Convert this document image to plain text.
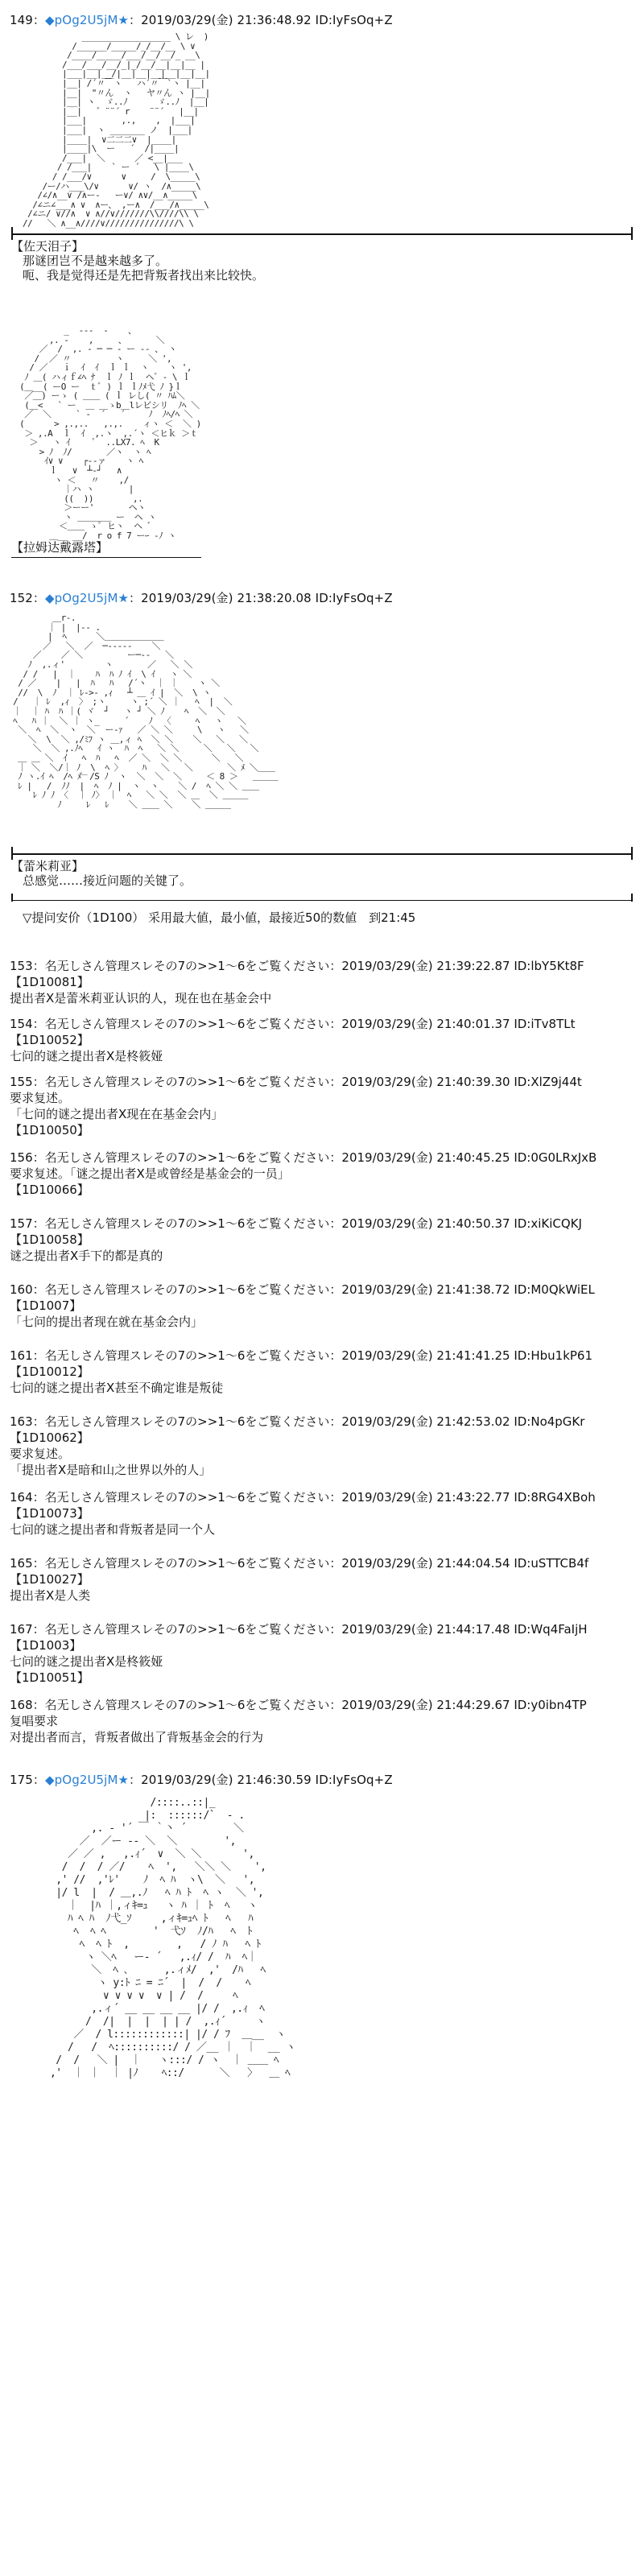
149：◆pOg2U5jM★：2019/03/29(金) 21:36:48.92 ID:IyFsOq+Z
__________________ \ レ  )
/______/_____/_/__/__ \ ∨
/____/_____/___/__/__/_ __\
/___/___/__/_|_/__/__|__|__ |
|___|__|__/|__|__|__|__|__|__|
|__| /´〃￣ヽ   ハ´〃￣`ヽ |__|
|__|  "〃ん  ヽ   ヤ〃ん ヽ |__|
|__| ヽ  ゞ..ﾉ      ゞ..ﾉ  |__|
|__|   ゛¨¨´ r    ¨¨´   |__|
|___|       ,.,    ,  |___|
|___|  ヽ _______ ノ  |___|
|____|  ∨二二二∨  |____|
|____|\  ー   ´  /|____|
/___|  ＼      ／ <__|___
/ /___|    ` ー ´   \ |____\
/ /___/∨      ∨     /  \_____\
/ー/ハ___\/∨      ∨/ ヽ  /∧_____\
/∠/∧__∨ /∧ー-   ー∨/ ∧∨/__∧_____\
/∠ニ∠___∧ ∨  ∧ー、 ,ー∧  /___/∧_____\
/∠ニ/ ∨//∧  ∨ ∧//∨///////\\////\\ \
//   ＼ ∧__∧////∨///////////////\ \
【佐天泪子】
那谜团岂不是越来越多了。
呃、我是觉得还是先把背叛者找出来比较快。
_  ---  ‐    、
,. ‐    ,     、      ＼
／  /  ,. ‐ ─ ─ ‐ ー -- 、 ヽ
/  ／ 〃         ヽ     ＼ ',
/ ／   ｉ  ｲ  ｲ  ｌ ｌ  ヽ    ヽ ',
ﾉ ＿( ハィｆ∠ﾍ ﾅ  ｌ ﾉ ｌ  ヘ゛- \ ｌ
(＿__( ーO ー  ｔﾞ ) ｌ ｌﾉﾒ弋 ﾉ }ｌ
／＿) ーゝ ( ＿＿ ( ｌ レし( 〃 ﾊﾑ＼
(＿<   ` ー  ＿ ＿ゝb＿lレビシリ  ﾉﾍ ＼
／  ＼     ` -  ´   ´ 　  ﾉ  ﾉﾍ/ﾍ ＼
(      > ,.,..   ,.,.    ィヽ ＜  ＼ )
＞ ,.A  ｌ  ｲ  ,.ヽ  ,.´ヽ ＜ヒｋ ＞ｔ
＞   ヽ ｲ     ﾟ  ..LX7. ﾍ  K
> ﾉ  ﾉ/       ／ヽ  ヽ ﾍ
ｲ∨ ∨    ┌-‐ァ    ヽ ﾍ
ｌ   ∨  ┴‐┘   ∧
ヽ ＜   〃    ,/
｜ハ ヽ       |
((  ))        ,.
＞ーー'       ヘヽ
ヽ ＿＿＿＿ ー  ヘ ヽ
＜＿＿ ゝﾟ ヒヽ  ヘ ゛
＿__ __/  r o f 7 ーｰ -ﾉ ヽ
【拉姆达戴露塔】
152：◆pOg2U5jM★：2019/03/29(金) 21:38:20.08 ID:IyFsOq+Z
＿r‐.
｜ |  |-‐ .
|  ﾍ      ＼＿＿＿＿＿＿＿
／   ＼  ／  ─‐‐‐‐‐    ＼
／    ／ ＼         ー─‐‐   ＼
ﾉ  ,.ィ'        ヽ       ／   ＼ ＼
/ /   |  ｜    ﾊ  ﾊ ﾉ ｲ  \ ｲ   ヽ ＼
/ ／    |   |  ﾊ   ﾊ   /´ヽ  ｜ ｜    ヽ ＼
//  \  ﾉ  ｜ ﾚ->- ,ｨ   ┴ ＿ ｲ |  ＼  \ ヽ
/   ｜ ﾚ  ,ｨ  〉 ;ヽ     ヽ ;´ ＼ ｜   ﾍ  |  ＼
｜  ｜ ﾊ  ﾊ ｜( ヾ  ┘   ヽ ┘ ＼ ﾉ    ﾍ  ＼  ＼
ﾍ   ﾊ ｜  ＼ ｜ ヽ_     ´    ﾉ  〈     ﾍ   ヽ   ＼
＼  ﾍ  ＼  ヽ  ＼  ー‐ｧ   ／ ＼ ＼     \   ヽ   ＼
＼  \  ＼ ,/ﾐﾌ ヽ ＿,ィ ﾍ  ＼ ＼    ＼   ＼   ＼
＼  ＼ ,.ﾉﾍ   ｲ ヽ  ﾊ  ﾍ   ＼ ＼     ＼   ＼   ＼
＿ ＿ ＼  ｲ   ﾍ  ﾊ   ﾍ  ／ ＼  ＼ ＼      ＼   ＼
｜ ＼  ＼/｜ ﾉ  \  ﾍ 〉    ﾊ   ＼   ＼       ＼ ﾒ ＼＿＿
ﾉ ヽ.ｲ ﾍ  /ﾍ ﾒ﹂/S ﾉ  ヽ  ＼  ＼  ＼     ＜ 8 ＞   ＿＿＿
ﾚ |   /  ﾉﾉ  |  ﾍ  ﾉ |  ヽ  ヽ    ＼ /  ﾍ ＼ ＼ ＿＿
ﾚ ﾉ ﾉ 〈  ｜ ﾉ〉 ｜  ﾍ   ＼ ＼  ＼ ＿  ＼ ＿＿＿
ﾉ     ﾚ   ﾚ    ＼ ＿＿ ＼    ＼ ＿＿＿
【蕾米莉亚】
总感觉……接近问题的关键了。
▽提问安价（1D100） 采用最大値，最小値，最接近50的数値　到21:45
153：名无しさん管理スレその7の>>1〜6をご覧ください：2019/03/29(金) 21:39:22.87 ID:lbY5Kt8F
【1D10081】
提出者X是蕾米莉亚认识的人，现在也在基金会中
154：名无しさん管理スレその7の>>1〜6をご覧ください：2019/03/29(金) 21:40:01.37 ID:iTv8TLt
【1D10052】
七问的谜之提出者X是柊筱娅
155：名无しさん管理スレその7の>>1〜6をご覧ください：2019/03/29(金) 21:40:39.30 ID:XlZ9j44t
要求复述。
「七问的谜之提出者X现在在基金会内」
【1D10050】
156：名无しさん管理スレその7の>>1〜6をご覧ください：2019/03/29(金) 21:40:45.25 ID:0G0LRxJxB
要求复述。「谜之提出者X是或曾经是基金会的一员」
【1D10066】
157：名无しさん管理スレその7の>>1〜6をご覧ください：2019/03/29(金) 21:40:50.37 ID:xiKiCQKJ
【1D10058】
谜之提出者X手下的都是真的
160：名无しさん管理スレその7の>>1〜6をご覧ください：2019/03/29(金) 21:41:38.72 ID:M0QkWiEL
【1D1007】
「七问的提出者现在就在基金会内」
161：名无しさん管理スレその7の>>1〜6をご覧ください：2019/03/29(金) 21:41:41.25 ID:Hbu1kP61
【1D10012】
七问的谜之提出者X甚至不确定谁是叛徒
163：名无しさん管理スレその7の>>1〜6をご覧ください：2019/03/29(金) 21:42:53.02 ID:No4pGKr
【1D10062】
要求复述。
「提出者X是暗和山之世界以外的人」
164：名无しさん管理スレその7の>>1〜6をご覧ください：2019/03/29(金) 21:43:22.77 ID:8RG4XBoh
【1D10073】
七问的谜之提出者和背叛者是同一个人
165：名无しさん管理スレその7の>>1〜6をご覧ください：2019/03/29(金) 21:44:04.54 ID:uSTTCB4f
【1D10027】
提出者X是人类
167：名无しさん管理スレその7の>>1〜6をご覧ください：2019/03/29(金) 21:44:17.48 ID:Wq4FaIjH
【1D1003】
七问的谜之提出者X是柊筱娅
【1D10051】
168：名无しさん管理スレその7の>>1〜6をご覧ください：2019/03/29(金) 21:44:29.67 ID:y0ibn4TP
复唱要求
对提出者而言，背叛者做出了背叛基金会的行为
175：◆pOg2U5jM★：2019/03/29(金) 21:46:30.59 ID:IyFsOq+Z
/::::..::|_
|:  ::::::/`  ‐ .
,. ‐ '´ ￣ ｀丶 ´        ＼
／  ／ー ‐‐ ＼  ＼        ',
／ ／ ,   ,.ｨ´  ∨  ＼ ＼       ',
/  /  / ／/    ﾍ  ',   ＼＼ ＼    ',
,' //  ,'ﾚ'    ﾉ  ﾍ ﾊ  ヽ\  ＼   ',
|/ l  |  / ＿,.ﾉ   ﾍ ﾊ ﾄ  ﾍ ヽ  ＼ ',
｜  |ﾊ ｜,ィｷ=ｭ   ヽ ﾊ ｜ ﾄ  ﾍ   ヽ
ﾊ ﾍ ﾊ  ﾉ弋_ｿ     ,ィｷ=ｭﾍ ﾄ   ﾍ   ﾊ
ﾍ  ﾍ ﾍ        '  弋ｿ  ﾉ/ﾊ   ﾍ  ﾄ
ﾍ  ﾍ ﾄ  ,        ,   / ﾉ ﾊ   ﾍ ﾄ
ヽ ＼ﾍ   ー‐ ´   ,.ｨ/ /  ﾊ  ﾍ｜
＼  ﾍ ､      ,.ィﾒ/  ,'  /ﾊ   ﾍ
ヽ y:ﾄ ﾆ = ﾆ´  |  /  /    ﾍ
∨ ∨ ∨ ∨  ∨ | /  /     ﾍ
,.ィ´ __ __ __ __ |/ /  ,.ｨ  ﾍ
/  /|  |  |  | | /  ,.ｨ´     ヽ
／  / l::::::::::::| |/ / ﾌ  ＿__  ヽ
/   /  ﾍ::::::::::/ / ／__ ｜  ｜  __ ヽ
/  /   ＼ |  ｜   ヽ:::/ / ヽ  ｜ ＿＿ ﾍ
,'  ｜ ｜  ｜ |ﾉ    ﾍ::/      ＼   〉  ＿ ﾍ
